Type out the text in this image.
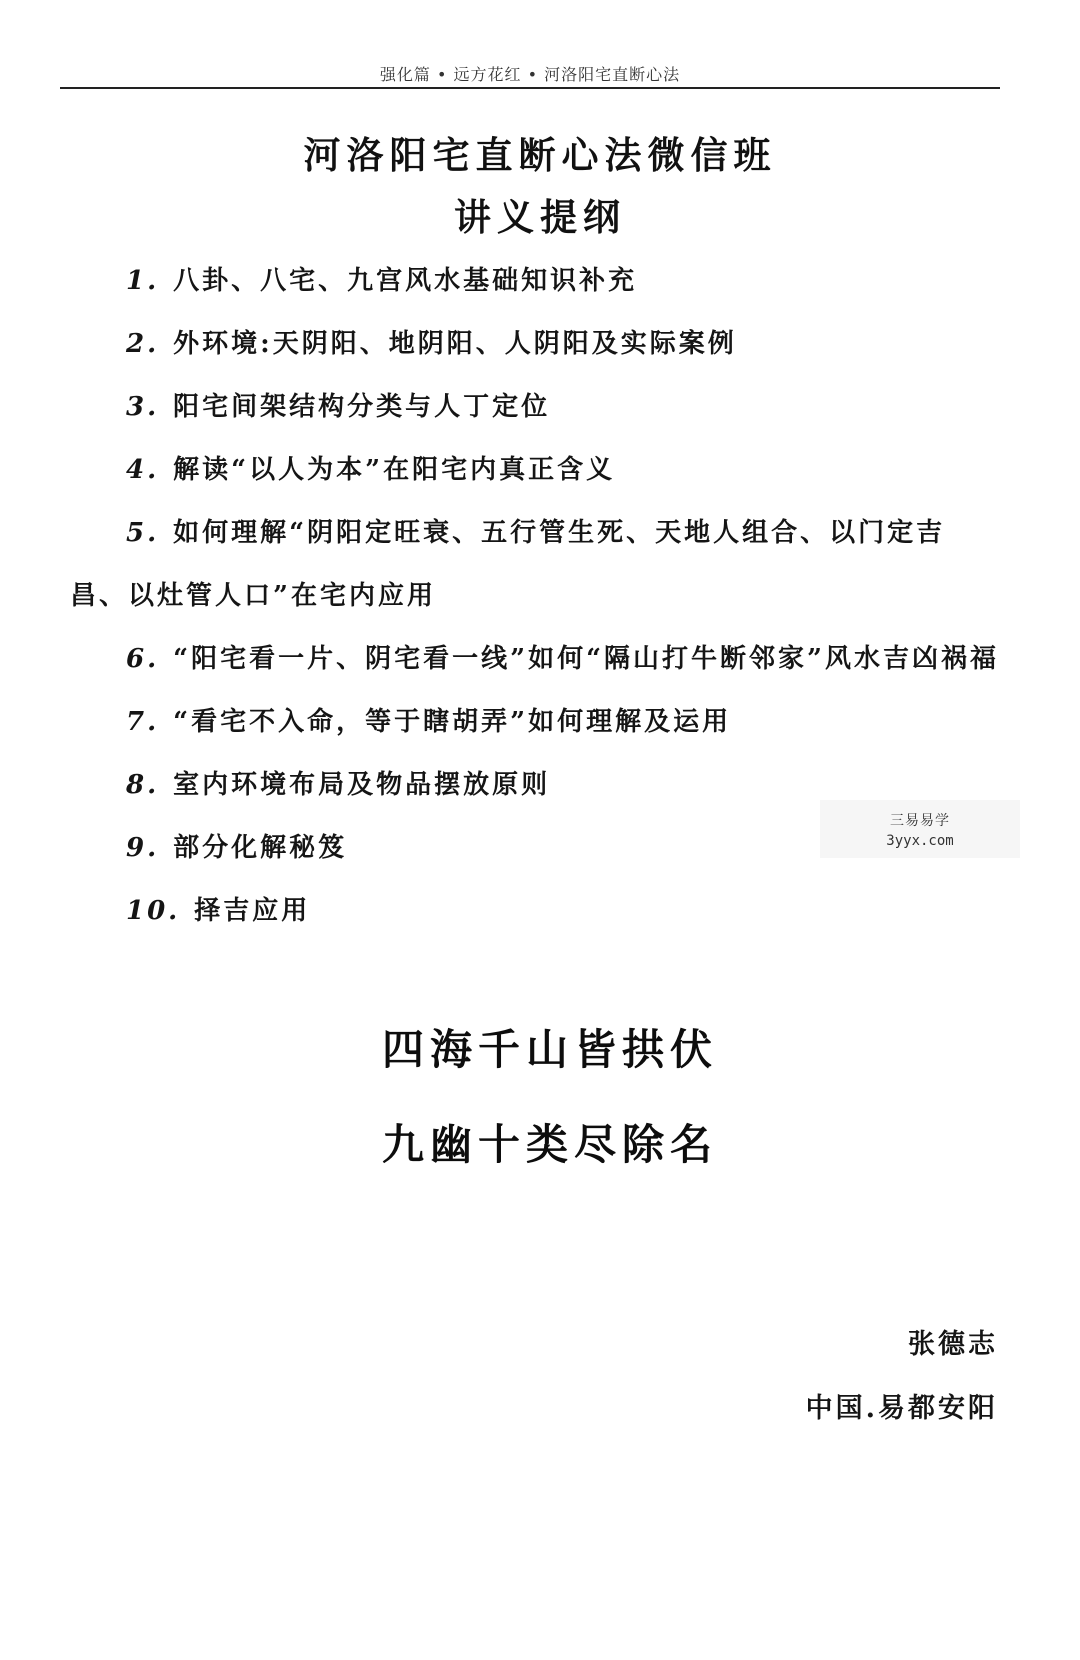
强化篇 • 远方花红 • 河洛阳宅直断心法
河洛阳宅直断心法微信班
讲义提纲
1. 八卦、八宅、九宫风水基础知识补充
2. 外环境:天阴阳、地阴阳、人阴阳及实际案例
3. 阳宅间架结构分类与人丁定位
4. 解读“以人为本”在阳宅内真正含义
5. 如何理解“阴阳定旺衰、五行管生死、天地人组合、以门定吉昌、以灶管人口”在宅内应用
6. “阳宅看一片、阴宅看一线”如何“隔山打牛断邻家”风水吉凶祸福
7. “看宅不入命，等于瞎胡弄”如何理解及运用
8. 室内环境布局及物品摆放原则
9. 部分化解秘笈
10. 择吉应用
三易易学
3yyx.com
四海千山皆拱伏
九幽十类尽除名
张德志
中国.易都安阳
